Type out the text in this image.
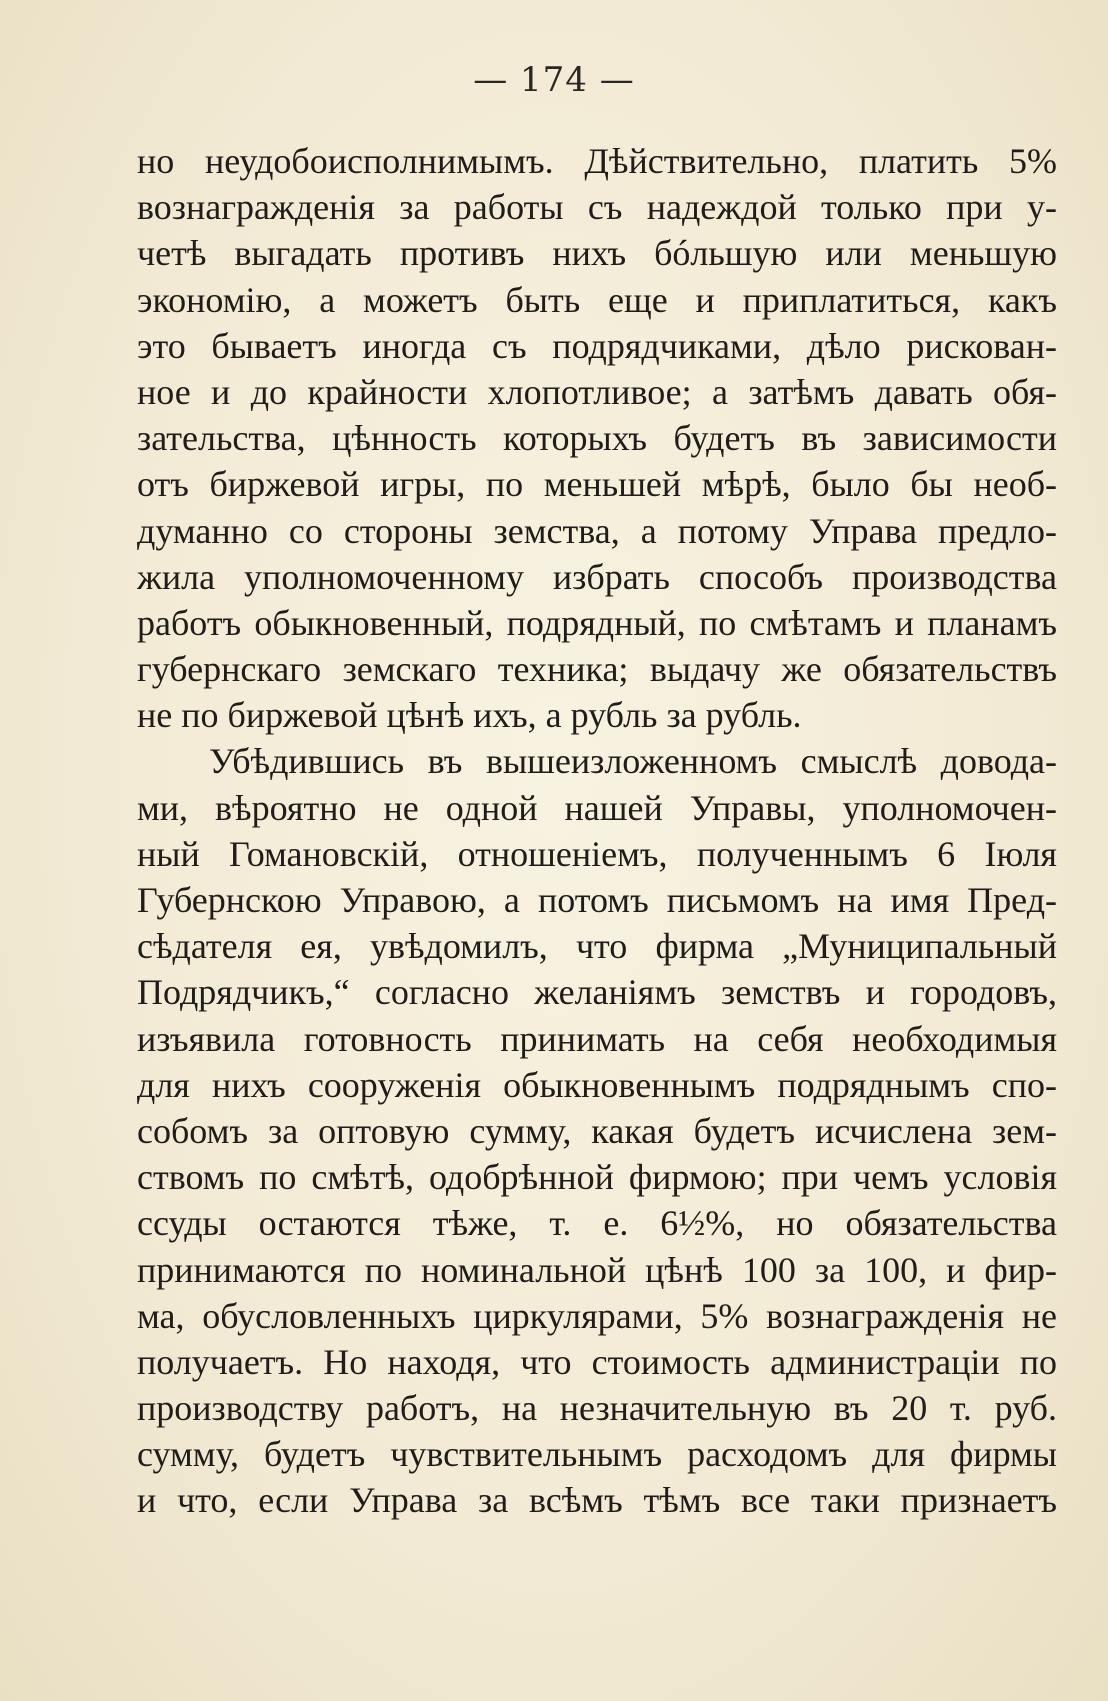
— 174 —
но неудобоисполнимымъ. Дѣйствительно, платить 5%
вознагражденія за работы съ надеждой только при у-
четѣ выгадать противъ нихъ бóльшую или меньшую
экономію, а можетъ быть еще и приплатиться, какъ
это бываетъ иногда съ подрядчиками, дѣло рискован-
ное и до крайности хлопотливое; а затѣмъ давать обя-
зательства, цѣнность которыхъ будетъ въ зависимости
отъ биржевой игры, по меньшей мѣрѣ, было бы необ-
думанно со стороны земства, а потому Управа предло-
жила уполномоченному избрать способъ производства
работъ обыкновенный, подрядный, по смѣтамъ и планамъ
губернскаго земскаго техника; выдачу же обязательствъ
не по биржевой цѣнѣ ихъ, а рубль за рубль.
Убѣдившись въ вышеизложенномъ смыслѣ довода-
ми, вѣроятно не одной нашей Управы, уполномочен-
ный Гомановскій, отношеніемъ, полученнымъ 6 Іюля
Губернскою Управою, а потомъ письмомъ на имя Пред-
сѣдателя ея, увѣдомилъ, что фирма „Муниципальный
Подрядчикъ,“ согласно желаніямъ земствъ и городовъ,
изъявила готовность принимать на себя необходимыя
для нихъ сооруженія обыкновеннымъ подряднымъ спо-
собомъ за оптовую сумму, какая будетъ исчислена зем-
ствомъ по смѣтѣ, одобрѣнной фирмою; при чемъ условія
ссуды остаются тѣже, т. е. 6½%, но обязательства
принимаются по номинальной цѣнѣ 100 за 100, и фир-
ма, обусловленныхъ циркулярами, 5% вознагражденія не
получаетъ. Но находя, что стоимость администраціи по
производству работъ, на незначительную въ 20 т. руб.
сумму, будетъ чувствительнымъ расходомъ для фирмы
и что, если Управа за всѣмъ тѣмъ все таки признаетъ
